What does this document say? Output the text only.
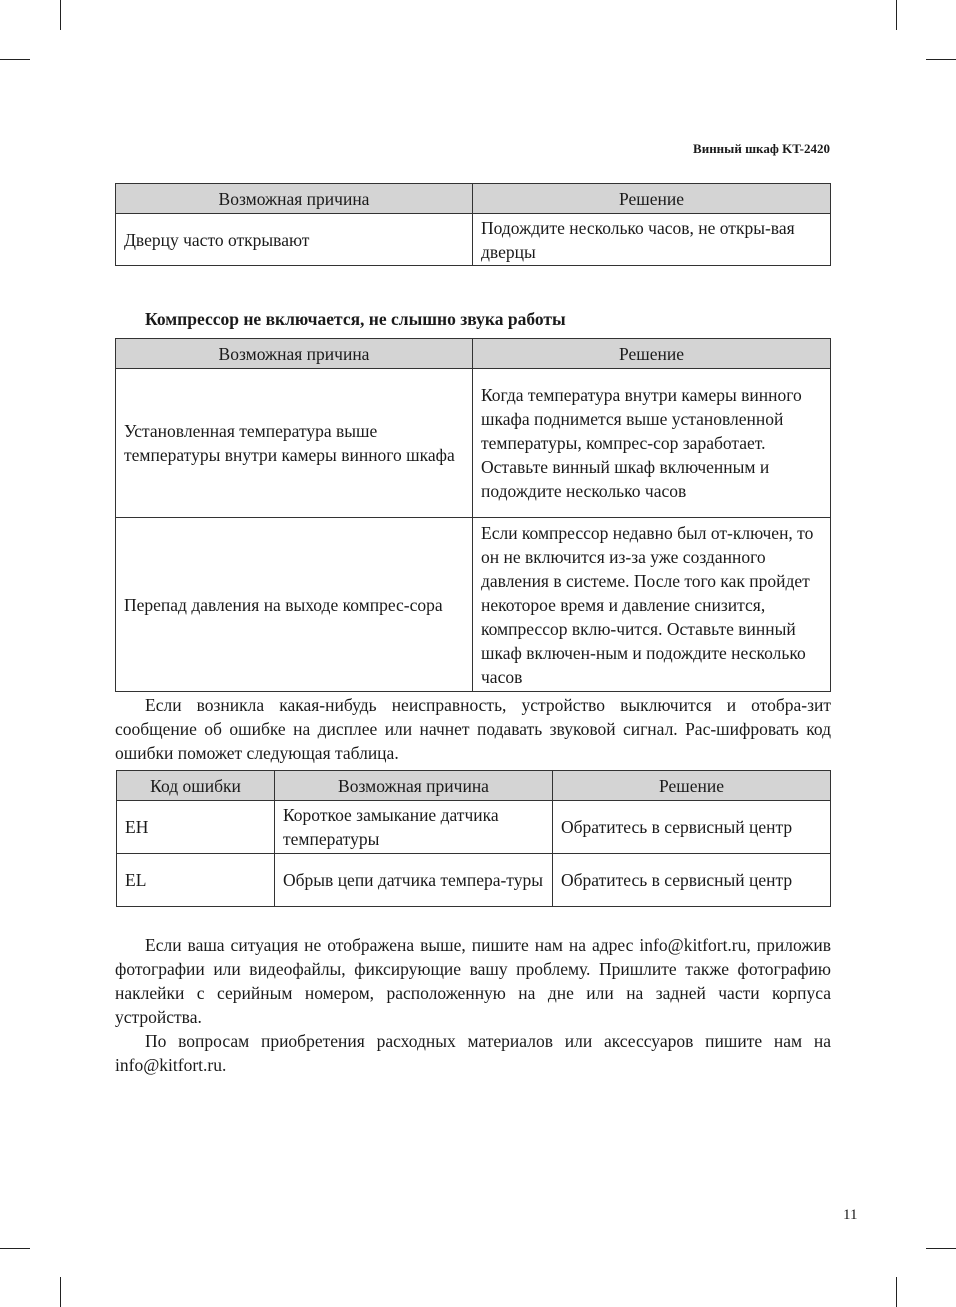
Винный шкаф KT-2420
Возможная причина	Решение
Дверцу часто открывают	Подождите несколько часов, не откры-вая дверцы
Компрессор не включается, не слышно звука работы
Возможная причина	Решение
Установленная температура выше температуры внутри камеры винного шкафа	Когда температура внутри камеры винного шкафа поднимется выше установленной температуры, компрес-сор заработает. Оставьте винный шкаф включенным и подождите несколько часов
Перепад давления на выходе компрес-сора	Если компрессор недавно был от-ключен, то он не включится из-за уже созданного давления в системе. После того как пройдет некоторое время и давление снизится, компрессор вклю-чится. Оставьте винный шкаф включен-ным и подождите несколько часов

Если возникла какая-нибудь неисправность, устройство выключится и отобра-зит сообщение об ошибке на дисплее или начнет подавать звуковой сигнал. Рас-шифровать код ошибки поможет следующая таблица.

Код ошибки	Возможная причина	Решение
EH	Короткое замыкание датчика температуры	Обратитесь в сервисный центр
EL	Обрыв цепи датчика темпера-туры	Обратитесь в сервисный центр

Если ваша ситуация не отображена выше, пишите нам на адрес info@kitfort.ru, приложив фотографии или видеофайлы, фиксирующие вашу проблему. Пришлите также фотографию наклейки с серийным номером, расположенную на дне или на задней части корпуса устройства.

По вопросам приобретения расходных материалов или аксессуаров пишите нам на info@kitfort.ru.

11
